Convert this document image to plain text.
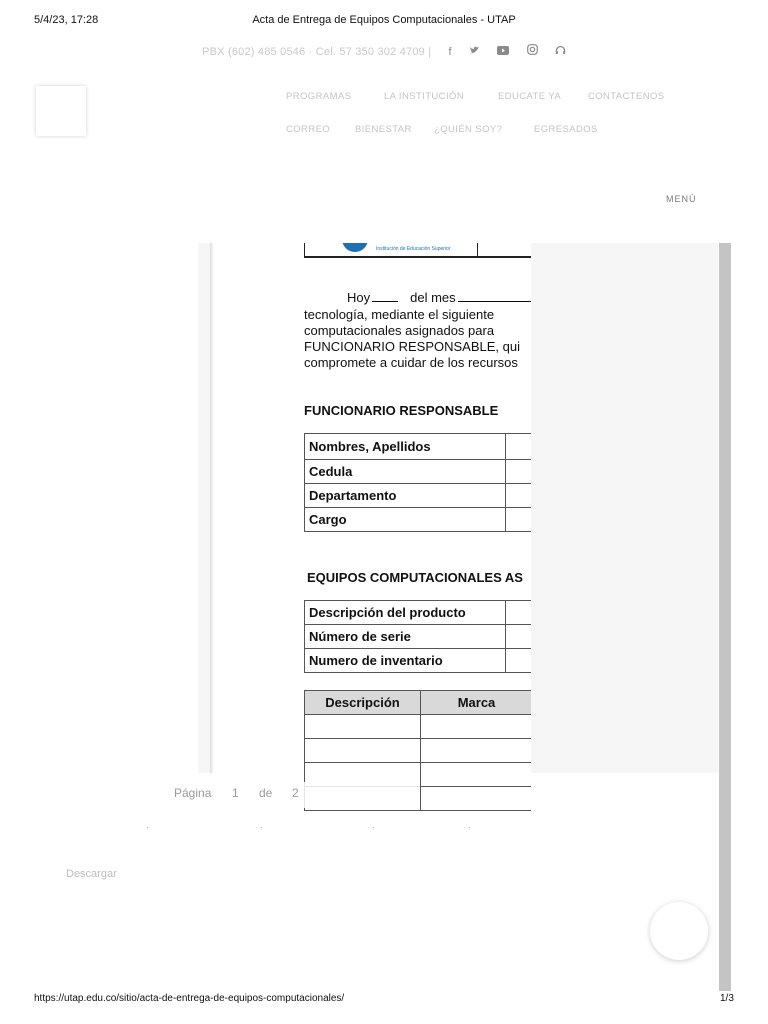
5/4/23, 17:28	Acta de Entrega de Equipos Computacionales - UTAP
PBX (602) 485 0546 · Cel. 57 350 302 4709 | f
PROGRAMAS	LA INSTITUCIÓN	EDUCATE YA	CONTACTENOS
CORREO	BIENESTAR ¿QUIÉN SOY?	EGRESADOS
MENÚ
Institución de Educación Superior
Hoy	del mes
tecnología, mediante el siguiente
computacionales asignados para
FUNCIONARIO RESPONSABLE, qui
compromete a cuidar de los recursos
FUNCIONARIO RESPONSABLE
Nombres, Apellidos	
Cedula	
Departamento	
Cargo	
EQUIPOS COMPUTACIONALES AS
Descripción del producto	
Número de serie	
Numero de inventario	
Descripción	Marca	

Página 1 de 2
·	·	·	·
Descargar
https://utap.edu.co/sitio/acta-de-entrega-de-equipos-computacionales/	1/3
